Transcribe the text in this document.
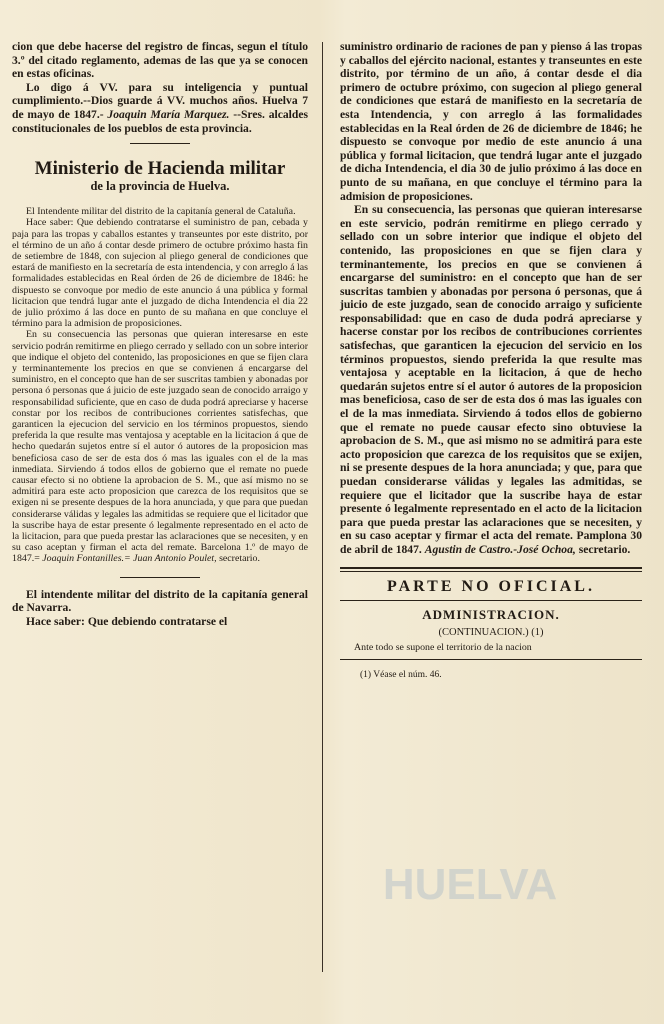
cion que debe hacerse del registro de fincas, segun el título 3.º del citado reglamento, ademas de las que ya se conocen en estas oficinas.

Lo digo á VV. para su inteligencia y puntual cumplimiento.--Dios guarde á VV. muchos años. Huelva 7 de mayo de 1847.- Joaquin María Marquez. --Sres. alcaldes constitucionales de los pueblos de esta provincia.

Ministerio de Hacienda militar
de la provincia de Huelva.

El Intendente militar del distrito de la capitanía general de Cataluña.

Hace saber: Que debiendo contratarse el suministro de pan, cebada y paja para las tropas y caballos estantes y transeuntes por este distrito, por el término de un año á contar desde primero de octubre próximo hasta fin de setiembre de 1848, con sujecion al pliego general de condiciones que estará de manifiesto en la secretaría de esta intendencia, y con arreglo á las formalidades establecidas en Real órden de 26 de diciembre de 1846: he dispuesto se convoque por medio de este anuncio á una pública y formal licitacion que tendrá lugar ante el juzgado de dicha Intendencia el dia 22 de julio próximo á las doce en punto de su mañana en que concluye el término para la admision de proposiciones.

En su consecuencia las personas que quieran interesarse en este servicio podrán remitirme en pliego cerrado y sellado con un sobre interior que indique el objeto del contenido, las proposiciones en que se fijen clara y terminantemente los precios en que se convienen á encargarse del suministro, en el concepto que han de ser suscritas tambien y abonadas por persona ó personas que á juicio de este juzgado sean de conocido arraigo y responsabilidad suficiente, que en caso de duda podrá apreciarse y hacerse constar por los recibos de contribuciones corrientes satisfechas, que garanticen la ejecucion del servicio en los términos propuestos, siendo preferida la que resulte mas ventajosa y aceptable en la licitacion á que de hecho quedarán sujetos entre sí el autor ó autores de la proposicion mas beneficiosa caso de ser de esta dos ó mas las iguales con el de la mas inmediata. Sirviendo á todos ellos de gobierno que el remate no puede causar efecto si no obtiene la aprobacion de S. M., que así mismo no se admitirá para este acto proposicion que carezca de los requisitos que se exigen ni se presente despues de la hora anunciada, y que para que puedan considerarse válidas y legales las admitidas se requiere que el licitador que la suscribe haya de estar presente ó legalmente representado en el acto de la licitacion, para que pueda prestar las aclaraciones que se necesiten, y en su caso aceptan y firman el acta del remate. Barcelona 1.º de mayo de 1847.= Joaquin Fontanilles.= Juan Antonio Poulet, secretario.

El intendente militar del distrito de la capitanía general de Navarra.

Hace saber: Que debiendo contratarse el

suministro ordinario de raciones de pan y pienso á las tropas y caballos del ejército nacional, estantes y transeuntes en este distrito, por término de un año, á contar desde el dia primero de octubre próximo, con sugecion al pliego general de condiciones que estará de manifiesto en la secretaría de esta Intendencia, y con arreglo á las formalidades establecidas en la Real órden de 26 de diciembre de 1846; he dispuesto se convoque por medio de este anuncio á una pública y formal licitacion, que tendrá lugar ante el juzgado de dicha Intendencia, el dia 30 de julio próximo á las doce en punto de su mañana, en que concluye el término para la admision de proposiciones.

En su consecuencia, las personas que quieran interesarse en este servicio, podrán remitirme en pliego cerrado y sellado con un sobre interior que indique el objeto del contenido, las proposiciones en que se fijen clara y terminantemente, los precios en que se convienen á encargarse del suministro: en el concepto que han de ser suscritas tambien y abonadas por persona ó personas, que á juicio de este juzgado, sean de conocido arraigo y suficiente responsabilidad: que en caso de duda podrá apreciarse y hacerse constar por los recibos de contribuciones corrientes satisfechas, que garanticen la ejecucion del servicio en los términos propuestos, siendo preferida la que resulte mas ventajosa y aceptable en la licitacion, á que de hecho quedarán sujetos entre sí el autor ó autores de la proposicion mas beneficiosa, caso de ser de esta dos ó mas las iguales con el de la mas inmediata. Sirviendo á todos ellos de gobierno que el remate no puede causar efecto sino obtuviese la aprobacion de S. M., que asi mismo no se admitirá para este acto proposicion que carezca de los requisitos que se exijen, ni se presente despues de la hora anunciada; y que, para que puedan considerarse válidas y legales las admitidas, se requiere que el licitador que la suscribe haya de estar presente ó legalmente representado en el acto de la licitacion para que pueda prestar las aclaraciones que se necesiten, y en su caso aceptar y firmar el acta del remate. Pamplona 30 de abril de 1847. Agustin de Castro.-José Ochoa, secretario.

PARTE NO OFICIAL.
ADMINISTRACION.
(CONTINUACION.) (1)

Ante todo se supone el territorio de la nacion

(1) Véase el núm. 46.
HUELVA
